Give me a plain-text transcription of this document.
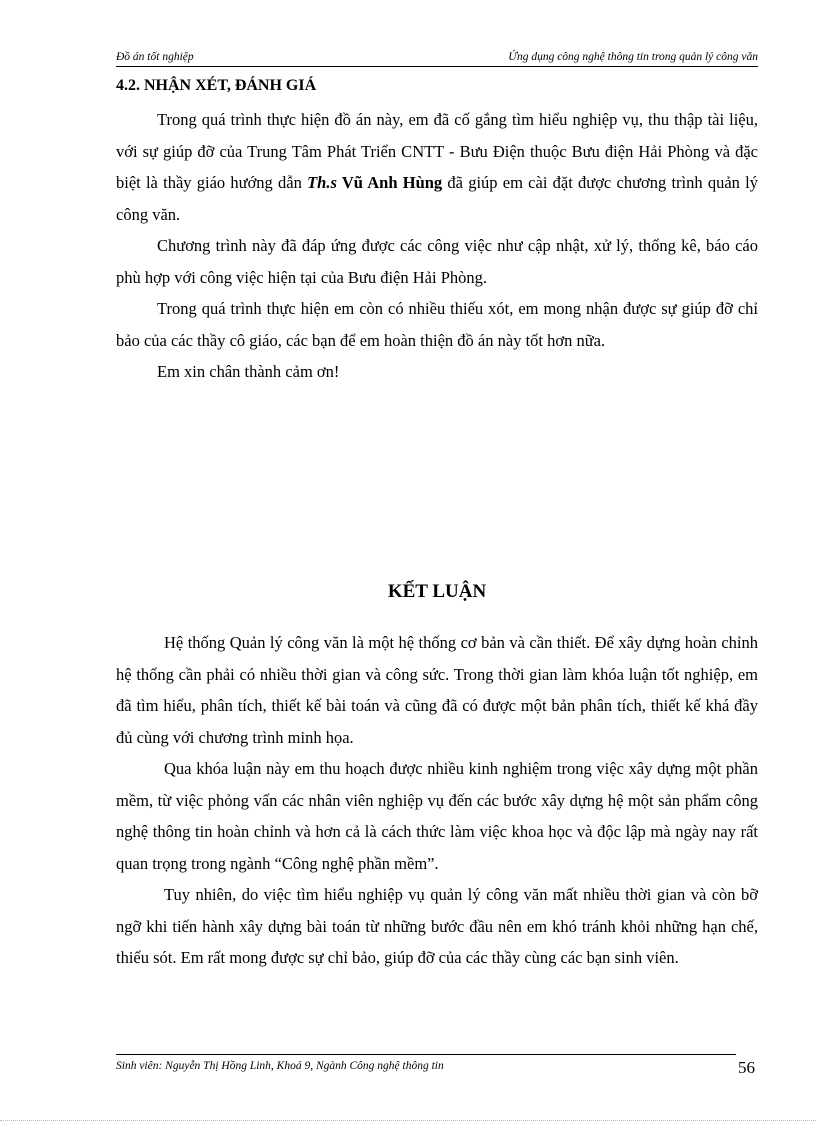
Đồ án tốt nghiệp	Ứng dụng công nghệ thông tin trong quản lý công văn
4.2. NHẬN XÉT, ĐÁNH GIÁ

Trong quá trình thực hiện đồ án này, em đã cố gắng tìm hiểu nghiệp vụ, thu thập tài liệu, với sự giúp đỡ của Trung Tâm Phát Triển CNTT - Bưu Điện thuộc Bưu điện Hải Phòng và đặc biệt là thầy giáo hướng dẫn Th.s Vũ Anh Hùng đã giúp em cài đặt được chương trình quản lý công văn.

Chương trình này đã đáp ứng được các công việc như cập nhật, xử lý, thống kê, báo cáo phù hợp với công việc hiện tại của Bưu điện Hải Phòng.

Trong quá trình thực hiện em còn có nhiều thiếu xót, em mong nhận được sự giúp đỡ chỉ bảo của các thầy cô giáo, các bạn để em hoàn thiện đồ án này tốt hơn nữa.

Em xin chân thành cảm ơn!

KẾT LUẬN

Hệ thống Quản lý công văn là một hệ thống cơ bản và cần thiết. Để xây dựng hoàn chỉnh hệ thống cần phải có nhiều thời gian và công sức. Trong thời gian làm khóa luận tốt nghiệp, em đã tìm hiểu, phân tích, thiết kế bài toán và cũng đã có được một bản phân tích, thiết kế khá đầy đủ cùng với chương trình minh họa.

Qua khóa luận này em thu hoạch được nhiều kinh nghiệm trong việc xây dựng một phần mềm, từ việc phỏng vấn các nhân viên nghiệp vụ đến các bước xây dựng hệ một sản phẩm công nghệ thông tin hoàn chỉnh và hơn cả là cách thức làm việc khoa học và độc lập mà ngày nay rất quan trọng trong ngành “Công nghệ phần mềm”.

Tuy nhiên, do việc tìm hiểu nghiệp vụ quản lý công văn mất nhiều thời gian và còn bỡ ngỡ khi tiến hành xây dựng bài toán từ những bước đầu nên em khó tránh khỏi những hạn chế, thiếu sót. Em rất mong được sự chỉ bảo, giúp đỡ của các thầy cùng các bạn sinh viên.

Sinh viên: Nguyễn Thị Hồng Linh, Khoá 9, Ngành Công nghệ thông tin	56
